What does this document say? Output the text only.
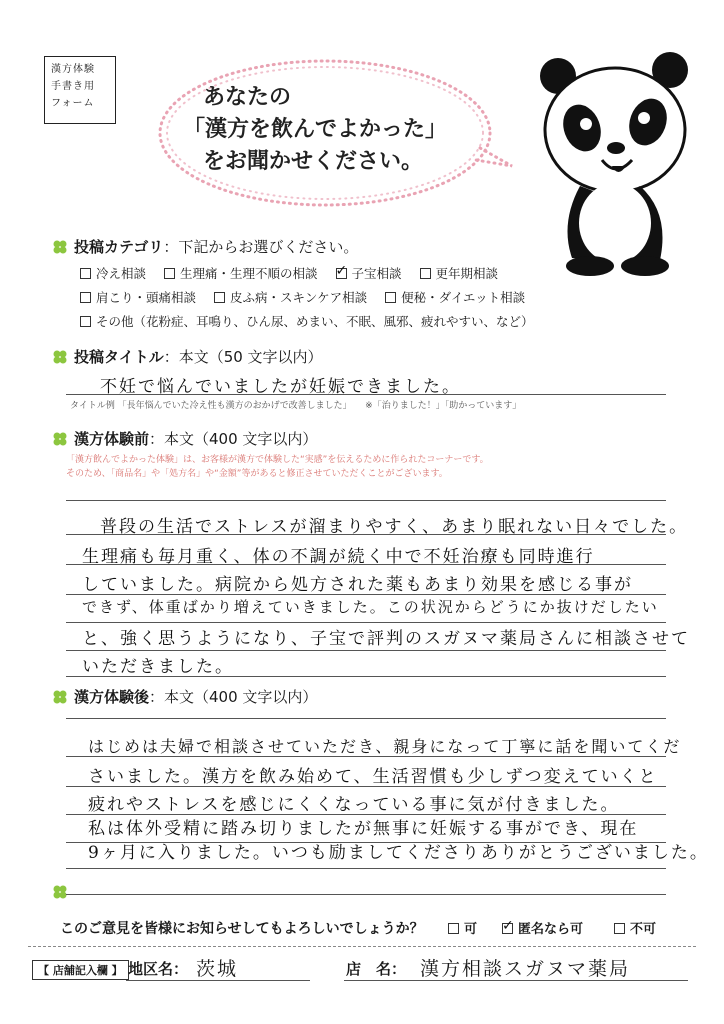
漢方体験
手書き用
フォーム	あなたの
「漢方を飲んでよかった」
をお聞かせください。
投稿カテゴリ：下記からお選びください。
冷え相談	生理痛・生理不順の相談 ✓	子宝相談	更年期相談
肩こり・頭痛相談	皮ふ病・スキンケア相談	便秘・ダイエット相談
その他（花粉症、耳鳴り、ひん尿、めまい、不眠、風邪、疲れやすい、など）
投稿タイトル：本文（50 文字以内）
不妊で悩んでいましたが妊娠できました。
タイトル例 「長年悩んでいた冷え性も漢方のおかげで改善しました」　　※「治りました！」「助かっています」
漢方体験前：本文（400 文字以内）
「漢方飲んでよかった体験」は、お客様が漢方で体験した“実感”を伝えるために作られたコーナーです。
そのため、「商品名」や「処方名」や“金額”等があると修正させていただくことがございます。
普段の生活でストレスが溜まりやすく、あまり眠れない日々でした。
生理痛も毎月重く、体の不調が続く中で不妊治療も同時進行
していました。病院から処方された薬もあまり効果を感じる事が
できず、体重ばかり増えていきました。この状況からどうにか抜けだしたい
と、強く思うようになり、子宝で評判のスガヌマ薬局さんに相談させて
いただきました。
漢方体験後：本文（400 文字以内）
はじめは夫婦で相談させていただき、親身になって丁寧に話を聞いてくだ
さいました。漢方を飲み始めて、生活習慣も少しずつ変えていくと
疲れやストレスを感じにくくなっている事に気が付きました。
私は体外受精に踏み切りましたが無事に妊娠する事ができ、現在
9ヶ月に入りました。いつも励ましてくださりありがとうございました。
このご意見を皆様にお知らせしてもよろしいでしょうか？	可 ✓	匿名なら可	不可
【 店舗記入欄 】 地区名： 茨城	店　名： 漢方相談スガヌマ薬局
